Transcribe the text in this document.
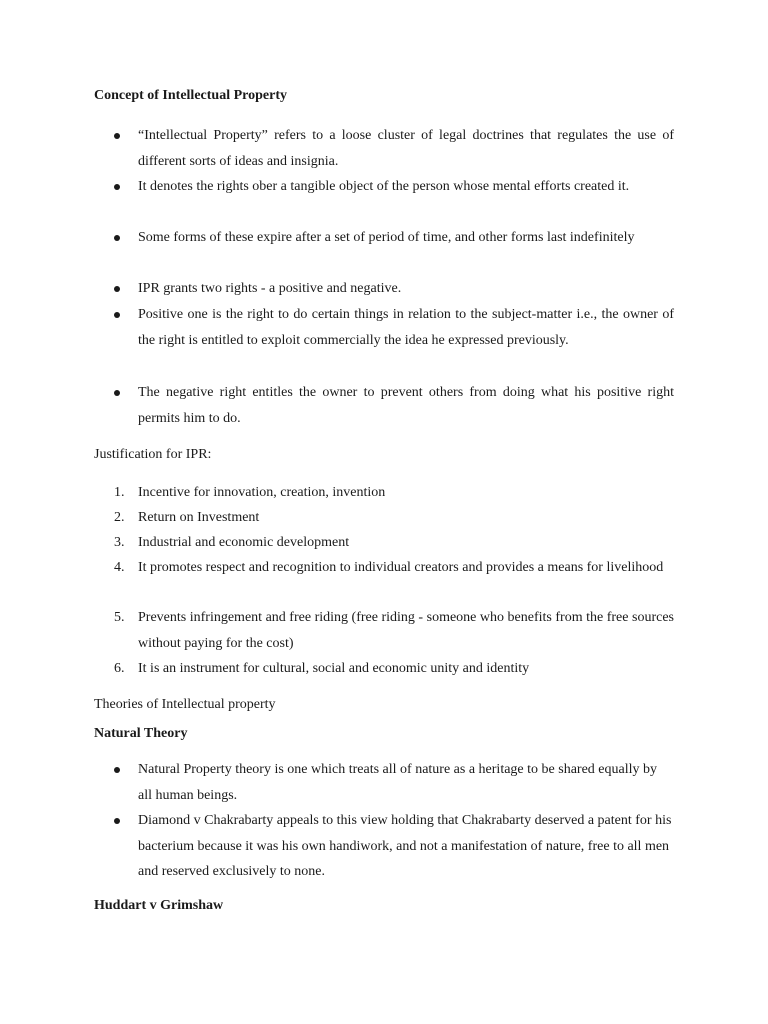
Concept of Intellectual Property
“Intellectual Property” refers to a loose cluster of legal doctrines that regulates the use of different sorts of ideas and insignia.
It denotes the rights ober a tangible object of the person whose mental efforts created it.
Some forms of these expire after a set of period of time, and other forms last indefinitely
IPR grants two rights - a positive and negative.
Positive one is the right to do certain things in relation to the subject-matter i.e., the owner of the right is entitled to exploit commercially the idea he expressed previously.
The negative right entitles the owner to prevent others from doing what his positive right permits him to do.
Justification for IPR:
1. Incentive for innovation, creation, invention
2. Return on Investment
3. Industrial and economic development
4. It promotes respect and recognition to individual creators and provides a means for livelihood
5. Prevents infringement and free riding (free riding - someone who benefits from the free sources without paying for the cost)
6. It is an instrument for cultural, social and economic unity and identity
Theories of Intellectual property
Natural Theory
Natural Property theory is one which treats all of nature as a heritage to be shared equally by all human beings.
Diamond v Chakrabarty appeals to this view holding that Chakrabarty deserved a patent for his bacterium because it was his own handiwork, and not a manifestation of nature, free to all men and reserved exclusively to none.
Huddart v Grimshaw
